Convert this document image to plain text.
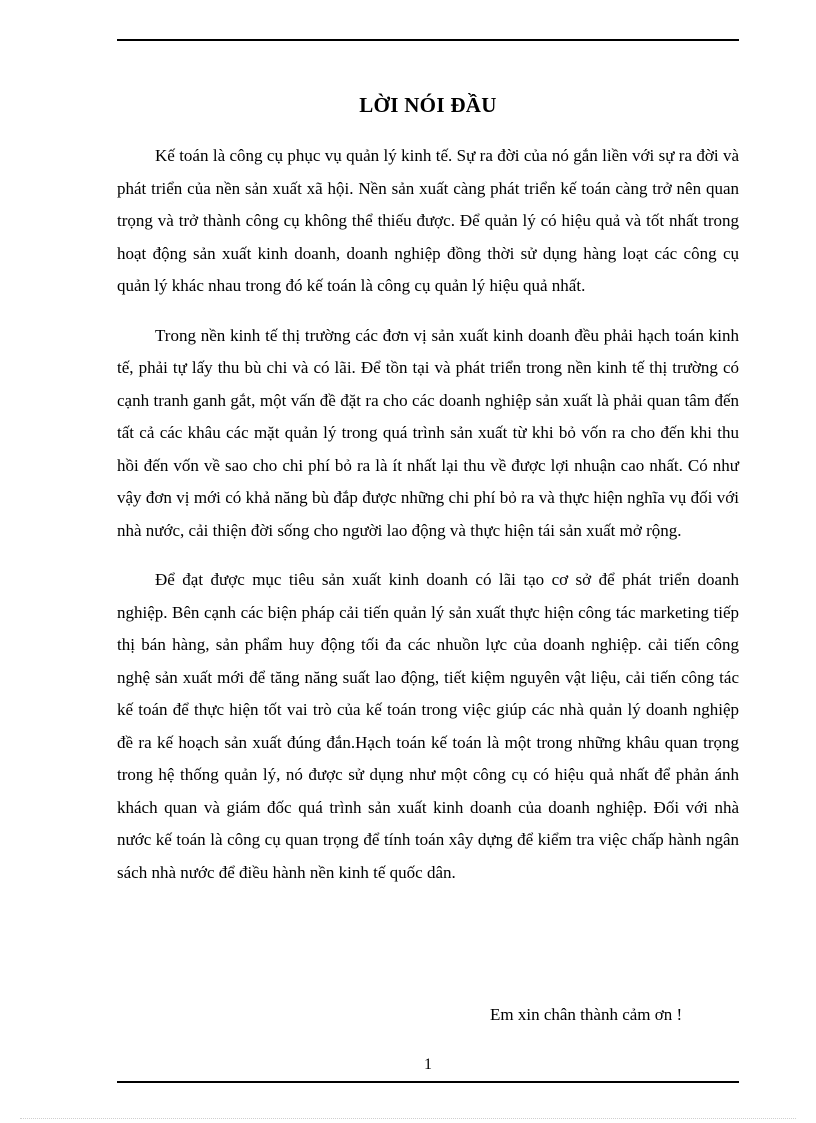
LỜI NÓI ĐẦU

Kế toán là công cụ phục vụ quản lý kinh tế. Sự ra đời của nó gắn liền với sự ra đời và phát triển của nền sản xuất xã hội. Nền sản xuất càng phát triển kế toán càng trở nên quan trọng và trở thành công cụ không thể thiếu được. Để quản lý có hiệu quả và tốt nhất trong hoạt động sản xuất kinh doanh, doanh nghiệp đồng thời sử dụng hàng loạt các công cụ quản lý khác nhau trong đó kế toán là công cụ quản lý hiệu quả nhất.

Trong nền kinh tế thị trường các đơn vị sản xuất kinh doanh đều phải hạch toán kinh tế, phải tự lấy thu bù chi và có lãi. Để tồn tại và phát triển trong nền kinh tế thị trường có cạnh tranh ganh gắt, một vấn đề đặt ra cho các doanh nghiệp sản xuất là phải quan tâm đến tất cả các khâu các mặt quản lý trong quá trình sản xuất từ khi bỏ vốn ra cho đến khi thu hồi đến vốn về sao cho chi phí bỏ ra là ít nhất lại thu về được lợi nhuận cao nhất. Có như vậy đơn vị mới có khả năng bù đắp được những chi phí bỏ ra và thực hiện nghĩa vụ đối với nhà nước, cải thiện đời sống cho người lao động và thực hiện tái sản xuất mở rộng.

Để đạt được mục tiêu sản xuất kinh doanh có lãi tạo cơ sở để phát triển doanh nghiệp. Bên cạnh các biện pháp cải tiến quản lý sản xuất thực hiện công tác marketing tiếp thị bán hàng, sản phẩm huy động tối đa các nhuồn lực của doanh nghiệp. cải tiến công nghệ sản xuất mới để tăng năng suất lao động, tiết kiệm nguyên vật liệu, cải tiến công tác kế toán để thực hiện tốt vai trò của kế toán trong việc giúp các nhà quản lý doanh nghiệp đề ra kế hoạch sản xuất đúng đắn.Hạch toán kế toán là một trong những khâu quan trọng trong hệ thống quản lý, nó được sử dụng như một công cụ có hiệu quả nhất để phản ánh khách quan và giám đốc quá trình sản xuất kinh doanh của doanh nghiệp. Đối với nhà nước kế toán là công cụ quan trọng để tính toán xây dựng để kiểm tra việc chấp hành ngân sách nhà nước để điều hành nền kinh tế quốc dân.

Em xin chân thành cảm ơn !

1
